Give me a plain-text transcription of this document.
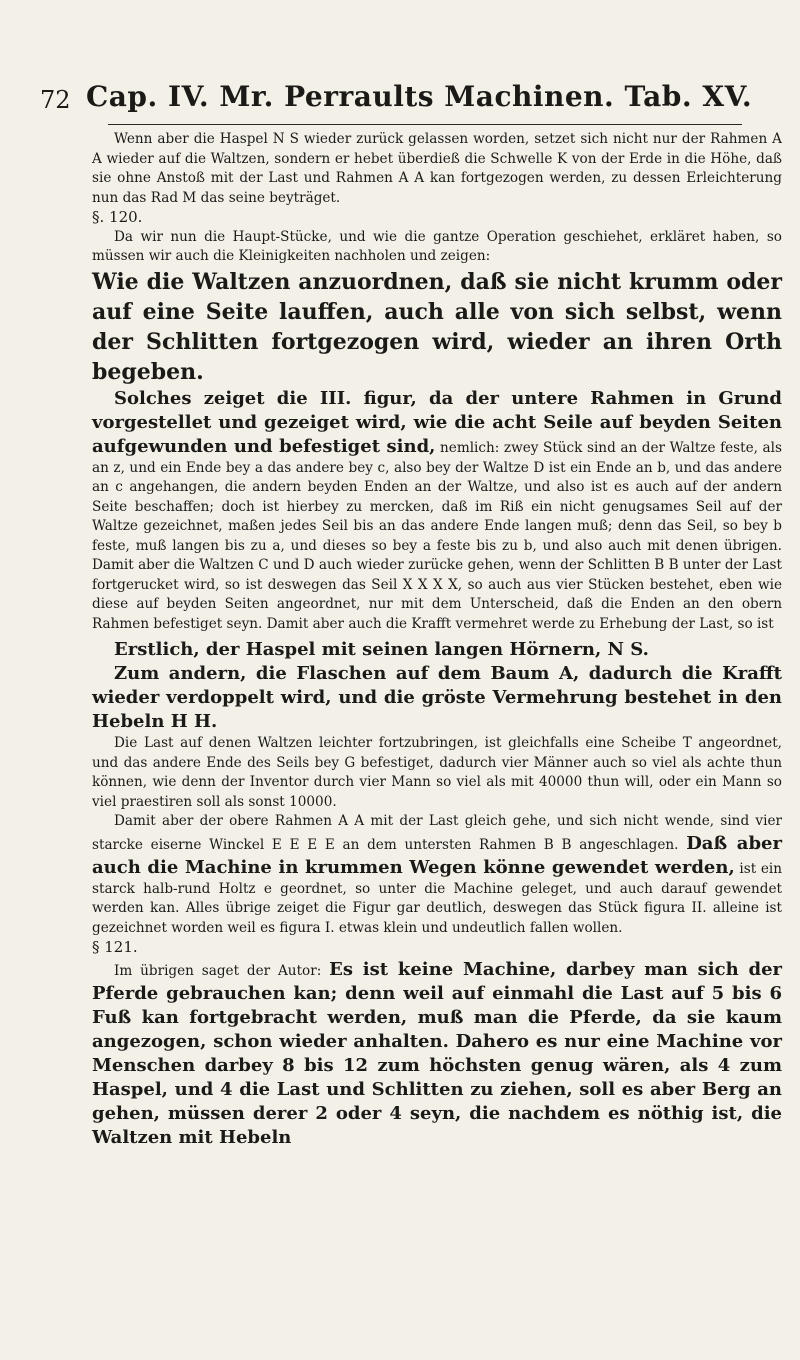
72 Cap. IV. Mr. Perraults Machinen. Tab. XV.

Wenn aber die Haspel N S wieder zurück gelassen worden, setzet sich nicht nur der Rahmen A A wieder auf die Waltzen, sondern er hebet überdieß die Schwelle K von der Erde in die Höhe, daß sie ohne Anstoß mit der Last und Rahmen A A kan fortgezogen werden, zu dessen Erleichterung nun das Rad M das seine beyträget.

§. 120.

Da wir nun die Haupt-Stücke, und wie die gantze Operation geschiehet, erkläret haben, so müssen wir auch die Kleinigkeiten nachholen und zeigen:

Wie die Waltzen anzuordnen, daß sie nicht krumm oder auf eine Seite lauffen, auch alle von sich selbst, wenn der Schlitten fortgezogen wird, wieder an ihren Orth begeben.

Solches zeiget die III. figur, da der untere Rahmen in Grund vorgestellet und gezeiget wird, wie die acht Seile auf beyden Seiten aufgewunden und befestiget sind, nemlich: zwey Stück sind an der Waltze feste, als an z, und ein Ende bey a das andere bey c, also bey der Waltze D ist ein Ende an b, und das andere an c angehangen, die andern beyden Enden an der Waltze, und also ist es auch auf der andern Seite beschaffen; doch ist hierbey zu mercken, daß im Riß ein nicht genugsames Seil auf der Waltze gezeichnet, maßen jedes Seil bis an das andere Ende langen muß; denn das Seil, so bey b feste, muß langen bis zu a, und dieses so bey a feste bis zu b, und also auch mit denen übrigen. Damit aber die Waltzen C und D auch wieder zurücke gehen, wenn der Schlitten B B unter der Last fortgerucket wird, so ist deswegen das Seil X X X X, so auch aus vier Stücken bestehet, eben wie diese auf beyden Seiten angeordnet, nur mit dem Unterscheid, daß die Enden an den obern Rahmen befestiget seyn. Damit aber auch die Krafft vermehret werde zu Erhebung der Last, so ist

Erstlich, der Haspel mit seinen langen Hörnern, N S.

Zum andern, die Flaschen auf dem Baum A, dadurch die Krafft wieder verdoppelt wird, und die gröste Vermehrung bestehet in den Hebeln H H.

Die Last auf denen Waltzen leichter fortzubringen, ist gleichfalls eine Scheibe T angeordnet, und das andere Ende des Seils bey G befestiget, dadurch vier Männer auch so viel als achte thun können, wie denn der Inventor durch vier Mann so viel als mit 40000 thun will, oder ein Mann so viel praestiren soll als sonst 10000.

Damit aber der obere Rahmen A A mit der Last gleich gehe, und sich nicht wende, sind vier starcke eiserne Winckel E E E E an dem untersten Rahmen B B angeschlagen. Daß aber auch die Machine in krummen Wegen könne gewendet werden, ist ein starck halb-rund Holtz e geordnet, so unter die Machine geleget, und auch darauf gewendet werden kan. Alles übrige zeiget die Figur gar deutlich, deswegen das Stück figura II. alleine ist gezeichnet worden weil es figura I. etwas klein und undeutlich fallen wollen.

§ 121.

Im übrigen saget der Autor: Es ist keine Machine, darbey man sich der Pferde gebrauchen kan; denn weil auf einmahl die Last auf 5 bis 6 Fuß kan fortgebracht werden, muß man die Pferde, da sie kaum angezogen, schon wieder anhalten. Dahero es nur eine Machine vor Menschen darbey 8 bis 12 zum höchsten genug wären, als 4 zum Haspel, und 4 die Last und Schlitten zu ziehen, soll es aber Berg an gehen, müssen derer 2 oder 4 seyn, die nachdem es nöthig ist, die Waltzen mit Hebeln
